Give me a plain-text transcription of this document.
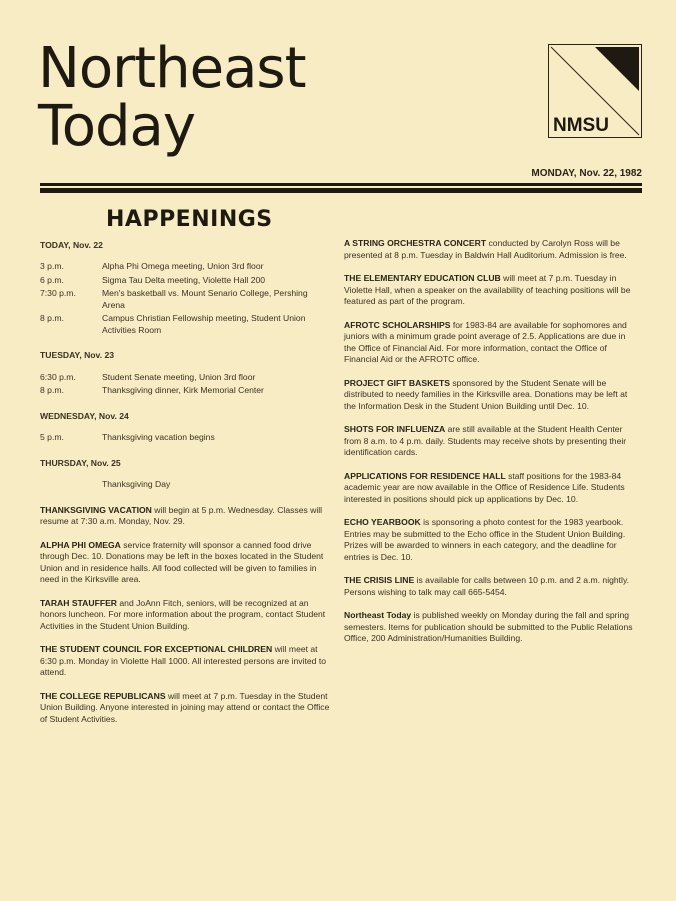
Northeast
Today	NMSU
MONDAY, Nov. 22, 1982
HAPPENINGS
TODAY, Nov. 22
3 p.m.	Alpha Phi Omega meeting, Union 3rd floor
6 p.m.	Sigma Tau Delta meeting, Violette Hall 200
7:30 p.m.	Men's basketball vs. Mount Senario College, Pershing Arena
8 p.m.	Campus Christian Fellowship meeting, Student Union Activities Room
TUESDAY, Nov. 23
6:30 p.m.	Student Senate meeting, Union 3rd floor
8 p.m.	Thanksgiving dinner, Kirk Memorial Center
WEDNESDAY, Nov. 24
5 p.m.	Thanksgiving vacation begins
THURSDAY, Nov. 25
Thanksgiving Day
THANKSGIVING VACATION will begin at 5 p.m. Wednesday. Classes will resume at 7:30 a.m. Monday, Nov. 29.
ALPHA PHI OMEGA service fraternity will sponsor a canned food drive through Dec. 10. Donations may be left in the boxes located in the Student Union and in residence halls. All food collected will be given to families in need in the Kirksville area.
TARAH STAUFFER and JoAnn Fitch, seniors, will be recognized at an honors luncheon. For more information about the program, contact Student Activities in the Student Union Building.
THE STUDENT COUNCIL FOR EXCEPTIONAL CHILDREN will meet at 6:30 p.m. Monday in Violette Hall 1000. All interested persons are invited to attend.
THE COLLEGE REPUBLICANS will meet at 7 p.m. Tuesday in the Student Union Building. Anyone interested in joining may attend or contact the Office of Student Activities.
A STRING ORCHESTRA CONCERT conducted by Carolyn Ross will be presented at 8 p.m. Tuesday in Baldwin Hall Auditorium. Admission is free.
THE ELEMENTARY EDUCATION CLUB will meet at 7 p.m. Tuesday in Violette Hall, when a speaker on the availability of teaching positions will be featured as part of the program.
AFROTC SCHOLARSHIPS for 1983-84 are available for sophomores and juniors with a minimum grade point average of 2.5. Applications are due in the Office of Financial Aid. For more information, contact the Office of Financial Aid or the AFROTC office.
PROJECT GIFT BASKETS sponsored by the Student Senate will be distributed to needy families in the Kirksville area. Donations may be left at the Information Desk in the Student Union Building until Dec. 10.
SHOTS FOR INFLUENZA are still available at the Student Health Center from 8 a.m. to 4 p.m. daily. Students may receive shots by presenting their identification cards.
APPLICATIONS FOR RESIDENCE HALL staff positions for the 1983-84 academic year are now available in the Office of Residence Life. Students interested in positions should pick up applications by Dec. 10.
ECHO YEARBOOK is sponsoring a photo contest for the 1983 yearbook. Entries may be submitted to the Echo office in the Student Union Building. Prizes will be awarded to winners in each category, and the deadline for entries is Dec. 10.
THE CRISIS LINE is available for calls between 10 p.m. and 2 a.m. nightly. Persons wishing to talk may call 665-5454.
Northeast Today is published weekly on Monday during the fall and spring semesters. Items for publication should be submitted to the Public Relations Office, 200 Administration/Humanities Building.
